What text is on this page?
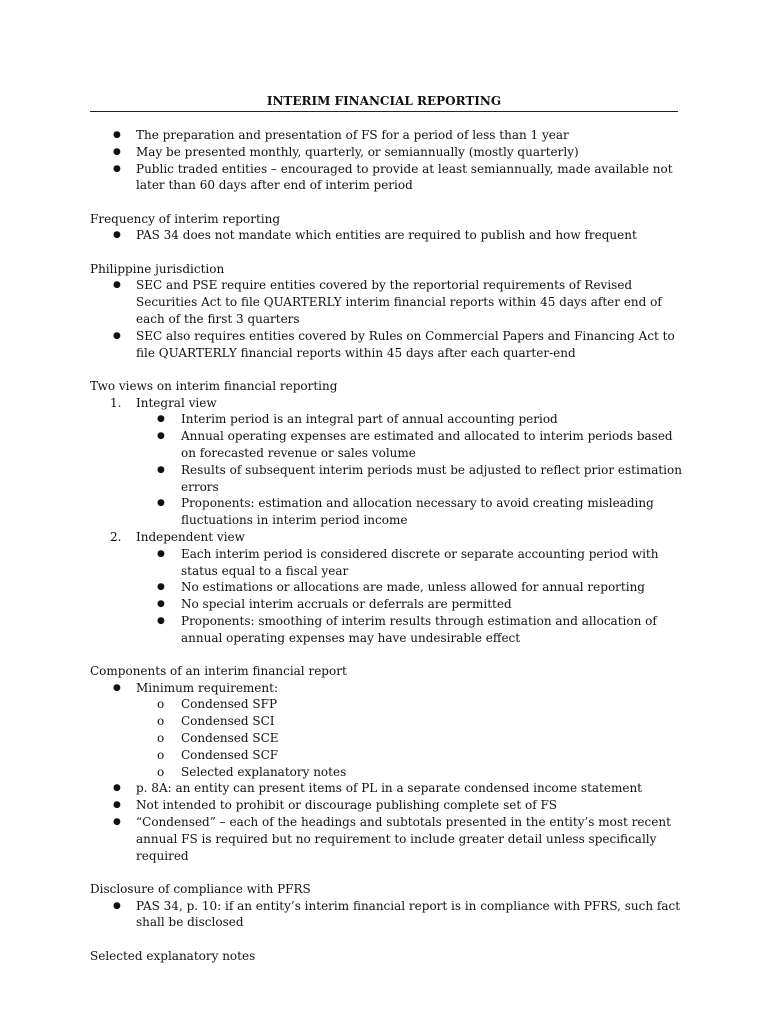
INTERIM FINANCIAL REPORTING
● The preparation and presentation of FS for a period of less than 1 year
● May be presented monthly, quarterly, or semiannually (mostly quarterly)
● Public traded entities – encouraged to provide at least semiannually, made available not later than 60 days after end of interim period
Frequency of interim reporting
● PAS 34 does not mandate which entities are required to publish and how frequent
Philippine jurisdiction
● SEC and PSE require entities covered by the reportorial requirements of Revised Securities Act to file QUARTERLY interim financial reports within 45 days after end of each of the first 3 quarters
● SEC also requires entities covered by Rules on Commercial Papers and Financing Act to file QUARTERLY financial reports within 45 days after each quarter-end
Two views on interim financial reporting
1. Integral view
● Interim period is an integral part of annual accounting period
● Annual operating expenses are estimated and allocated to interim periods based on forecasted revenue or sales volume
● Results of subsequent interim periods must be adjusted to reflect prior estimation errors
● Proponents: estimation and allocation necessary to avoid creating misleading fluctuations in interim period income
2. Independent view
● Each interim period is considered discrete or separate accounting period with status equal to a fiscal year
● No estimations or allocations are made, unless allowed for annual reporting
● No special interim accruals or deferrals are permitted
● Proponents: smoothing of interim results through estimation and allocation of annual operating expenses may have undesirable effect
Components of an interim financial report
● Minimum requirement:
o Condensed SFP
o Condensed SCI
o Condensed SCE
o Condensed SCF
o Selected explanatory notes
● p. 8A: an entity can present items of PL in a separate condensed income statement
● Not intended to prohibit or discourage publishing complete set of FS
● “Condensed” – each of the headings and subtotals presented in the entity’s most recent annual FS is required but no requirement to include greater detail unless specifically required
Disclosure of compliance with PFRS
● PAS 34, p. 10: if an entity’s interim financial report is in compliance with PFRS, such fact shall be disclosed
Selected explanatory notes
